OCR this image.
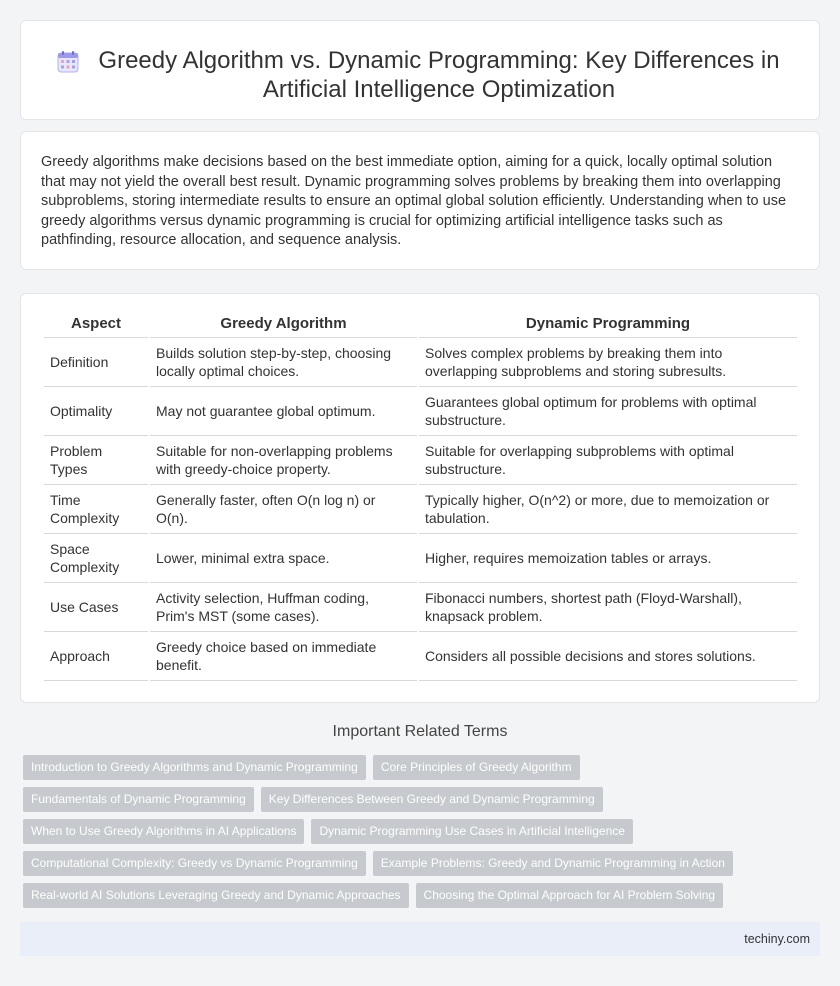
Greedy Algorithm vs. Dynamic Programming: Key Differences in Artificial Intelligence Optimization

Greedy algorithms make decisions based on the best immediate option, aiming for a quick, locally optimal solution that may not yield the overall best result. Dynamic programming solves problems by breaking them into overlapping subproblems, storing intermediate results to ensure an optimal global solution efficiently. Understanding when to use greedy algorithms versus dynamic programming is crucial for optimizing artificial intelligence tasks such as pathfinding, resource allocation, and sequence analysis.

Aspect	Greedy Algorithm	Dynamic Programming
Definition	Builds solution step-by-step, choosing locally optimal choices.	Solves complex problems by breaking them into overlapping subproblems and storing subresults.
Optimality	May not guarantee global optimum.	Guarantees global optimum for problems with optimal substructure.
Problem Types	Suitable for non-overlapping problems with greedy-choice property.	Suitable for overlapping subproblems with optimal substructure.
Time Complexity	Generally faster, often O(n log n) or O(n).	Typically higher, O(n^2) or more, due to memoization or tabulation.
Space Complexity	Lower, minimal extra space.	Higher, requires memoization tables or arrays.
Use Cases	Activity selection, Huffman coding, Prim's MST (some cases).	Fibonacci numbers, shortest path (Floyd-Warshall), knapsack problem.
Approach	Greedy choice based on immediate benefit.	Considers all possible decisions and stores solutions.
Important Related Terms
Introduction to Greedy Algorithms and Dynamic Programming	Core Principles of Greedy Algorithm
Fundamentals of Dynamic Programming	Key Differences Between Greedy and Dynamic Programming
When to Use Greedy Algorithms in AI Applications	Dynamic Programming Use Cases in Artificial Intelligence
Computational Complexity: Greedy vs Dynamic Programming	Example Problems: Greedy and Dynamic Programming in Action
Real-world AI Solutions Leveraging Greedy and Dynamic Approaches	Choosing the Optimal Approach for AI Problem Solving
techiny.com
